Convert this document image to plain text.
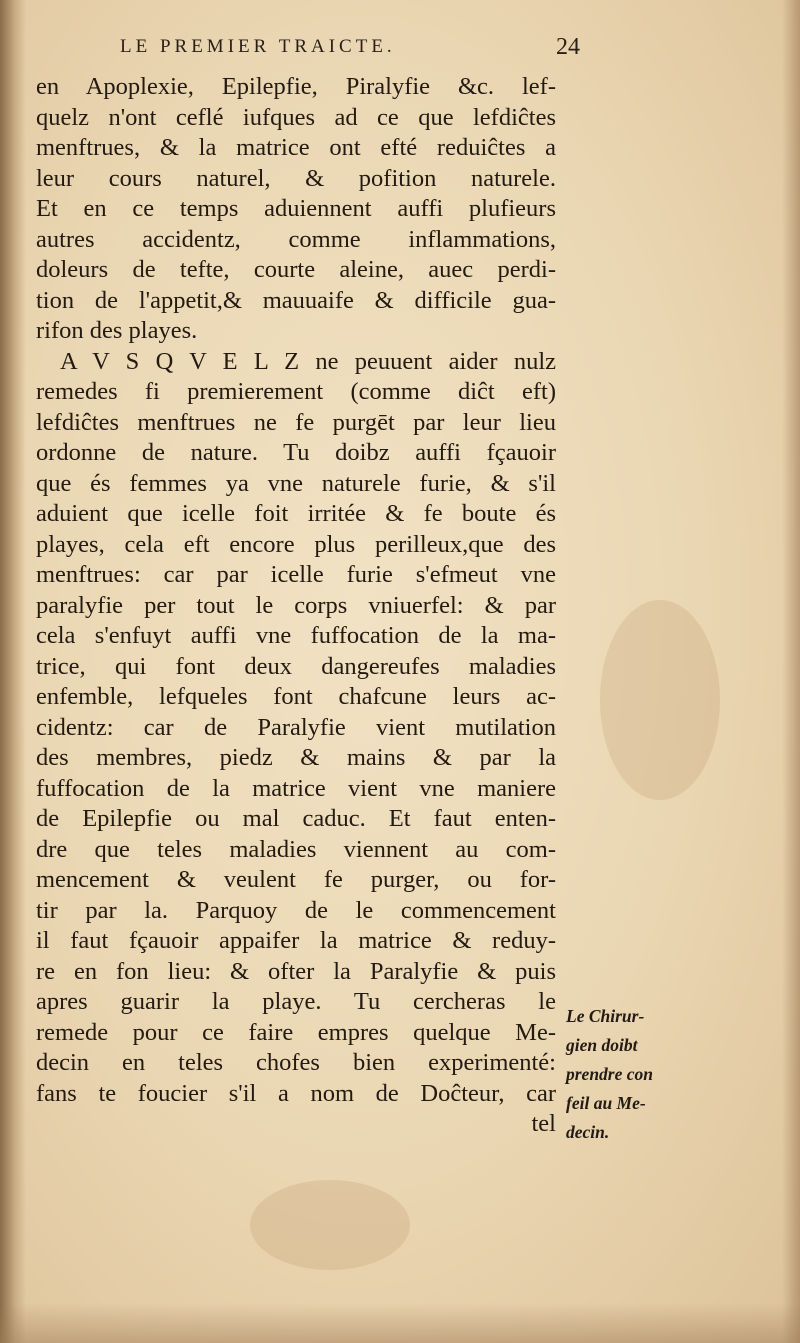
LE PREMIER TRAICTE.	24
en Apoplexie, Epilepfie, Piralyfie &c. lef-
quelz n'ont ceflé iufques ad ce que lefdiĉtes
menftrues, & la matrice ont efté reduiĉtes a
leur cours naturel, & pofition naturele.
Et en ce temps aduiennent auffi plufieurs
autres accidentz, comme inflammations,
doleurs de tefte, courte aleine, auec perdi-
tion de l'appetit,& mauuaife & difficile gua-
rifon des playes.
A V S Q V E L Z ne peuuent aider nulz
remedes fi premierement (comme diĉt eft)
lefdiĉtes menftrues ne fe purgēt par leur lieu
ordonne de nature. Tu doibz auffi fçauoir
que és femmes ya vne naturele furie, & s'il
aduient que icelle foit irritée & fe boute és
playes, cela eft encore plus perilleux,que des
menftrues: car par icelle furie s'efmeut vne
paralyfie per tout le corps vniuerfel: & par
cela s'enfuyt auffi vne fuffocation de la ma-
trice, qui font deux dangereufes maladies
enfemble, lefqueles font chafcune leurs ac-
cidentz: car de Paralyfie vient mutilation
des membres, piedz & mains & par la
fuffocation de la matrice vient vne maniere
de Epilepfie ou mal caduc. Et faut enten-
dre que teles maladies viennent au com-
mencement & veulent fe purger, ou for-
tir par la. Parquoy de le commencement
il faut fçauoir appaifer la matrice & reduy-
re en fon lieu: & ofter la Paralyfie & puis
apres guarir la playe. Tu cercheras le
remede pour ce faire empres quelque Me-
decin en teles chofes bien experimenté:
fans te foucier s'il a nom de Doĉteur, car
tel
Le Chirur-
gien doibt
prendre con
feil au Me-
decin.
